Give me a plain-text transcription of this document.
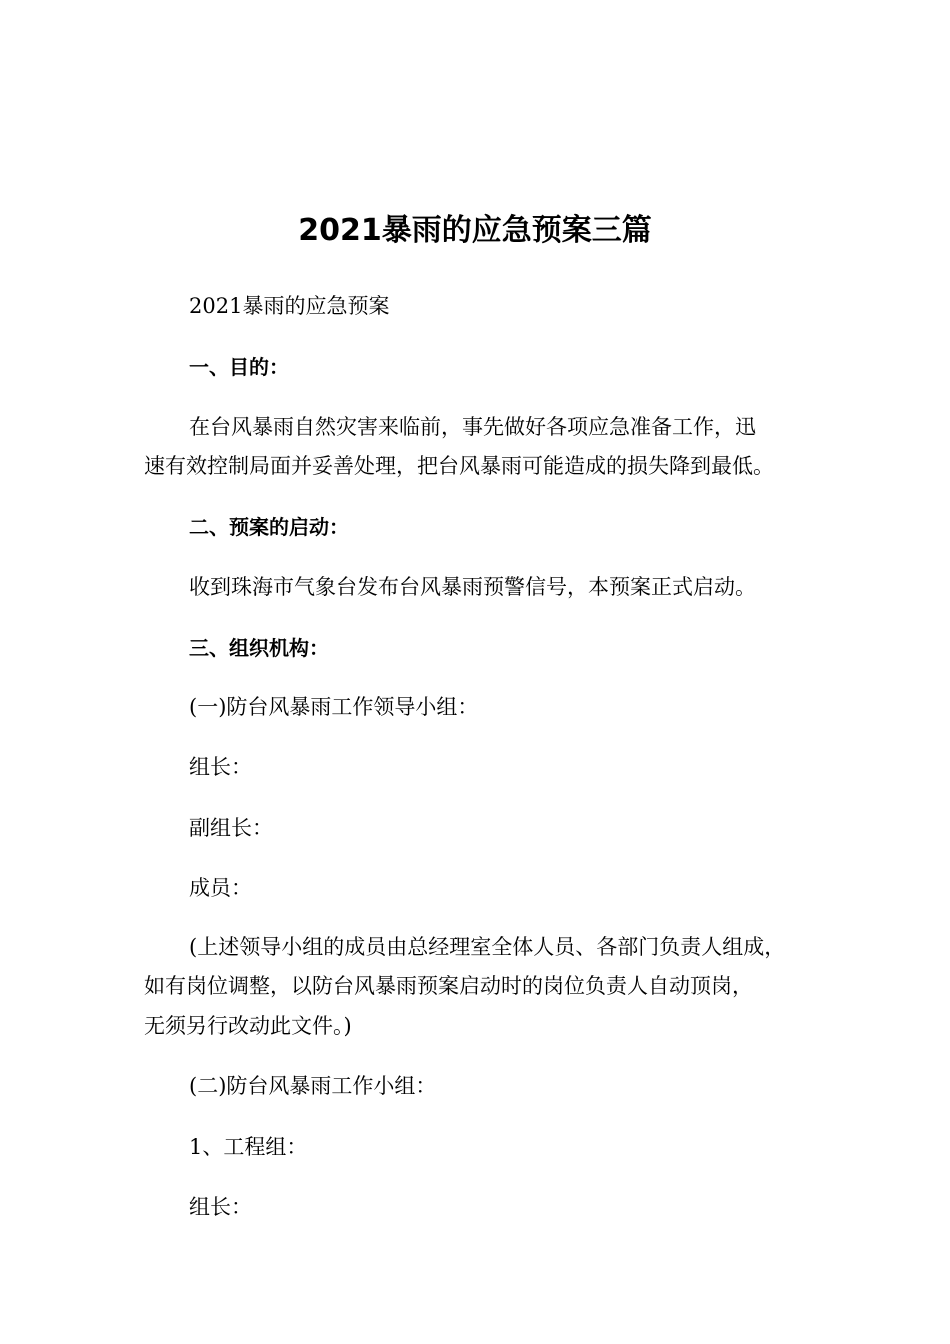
2021暴雨的应急预案三篇

2021暴雨的应急预案

一、目的：

在台风暴雨自然灾害来临前，事先做好各项应急准备工作，迅

速有效控制局面并妥善处理，把台风暴雨可能造成的损失降到最低。

二、预案的启动：

收到珠海市气象台发布台风暴雨预警信号，本预案正式启动。

三、组织机构：

(一)防台风暴雨工作领导小组：

组长：

副组长：

成员：

(上述领导小组的成员由总经理室全体人员、各部门负责人组成，

如有岗位调整，以防台风暴雨预案启动时的岗位负责人自动顶岗，

无须另行改动此文件。)

(二)防台风暴雨工作小组：

1、工程组：

组长：
